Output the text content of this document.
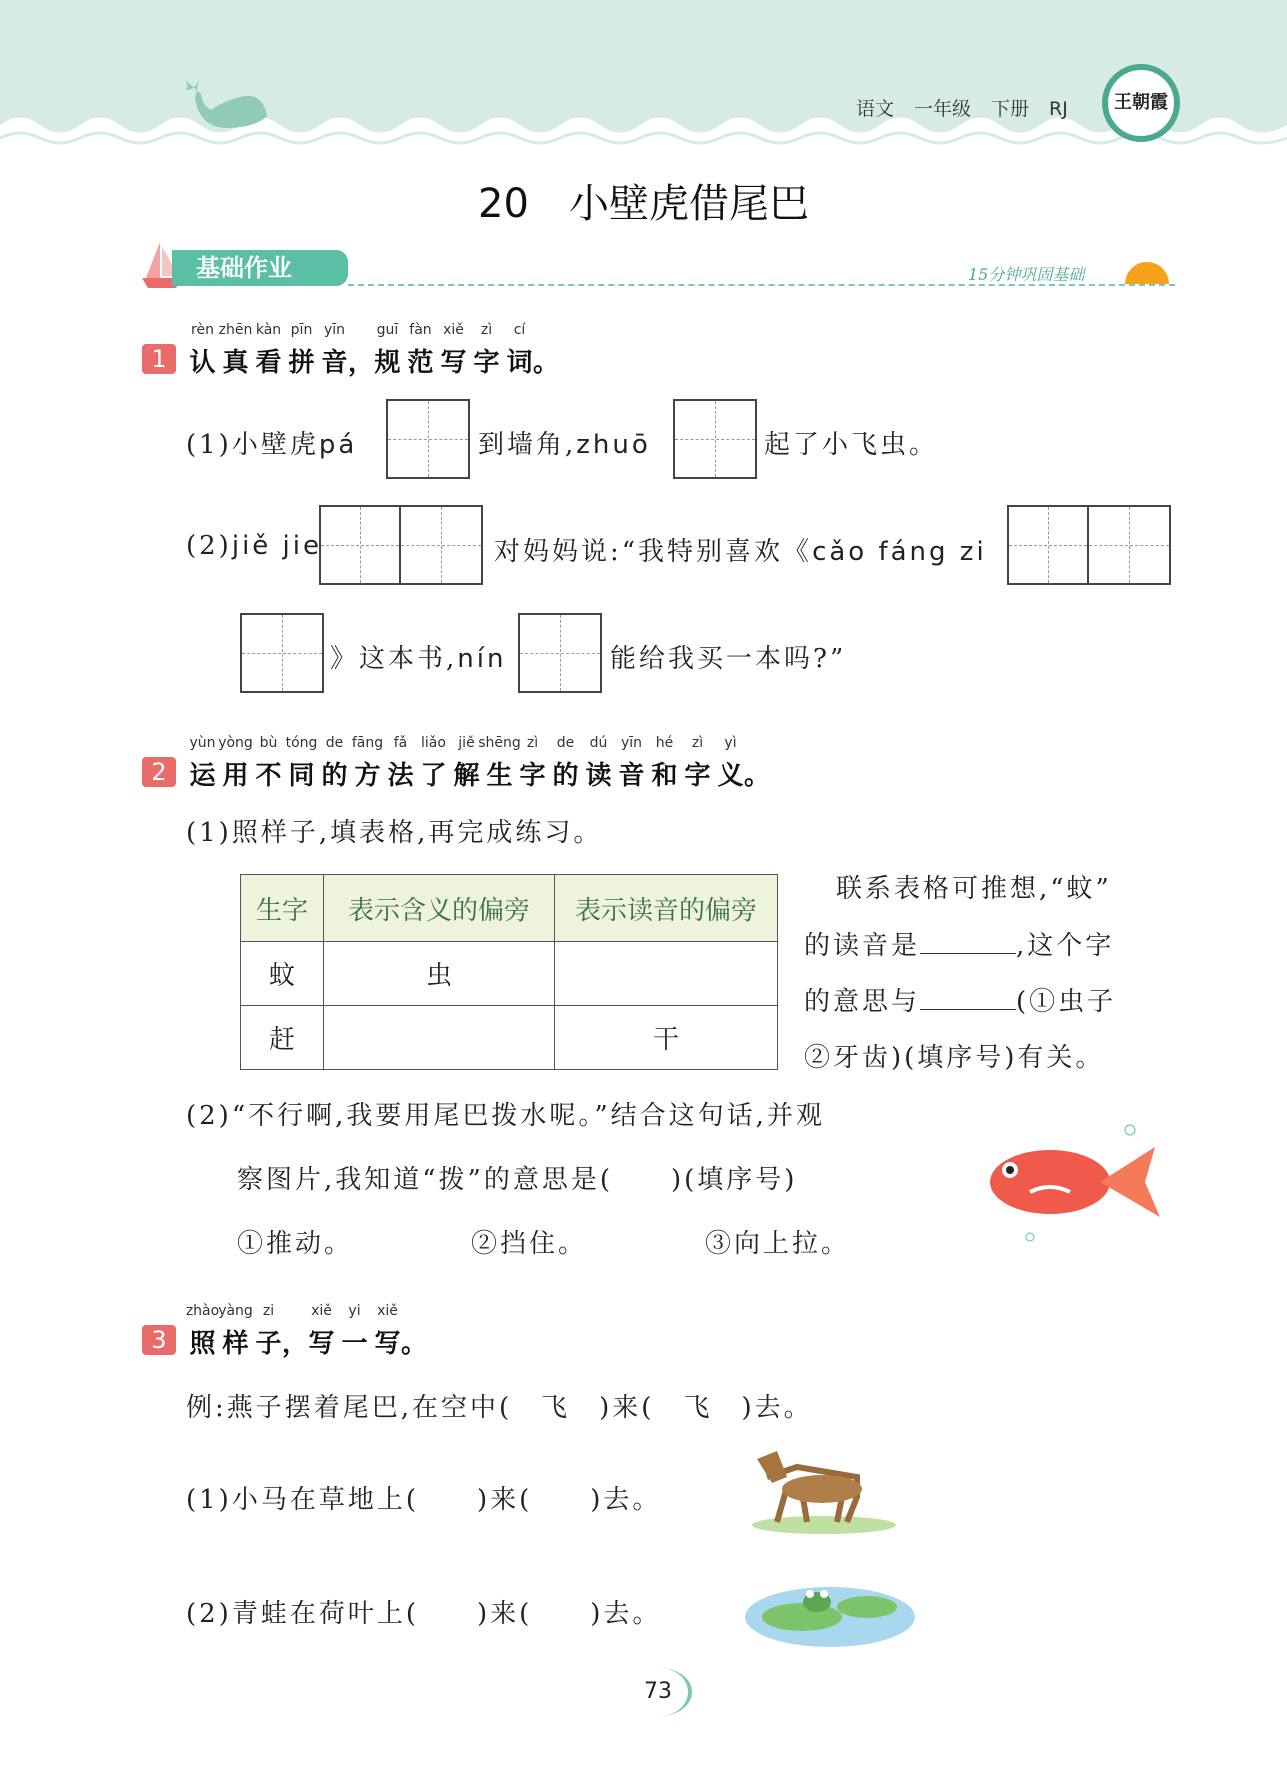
语文 一年级 下册 RJ	王朝霞
20　小壁虎借尾巴
基础作业	15分钟巩固基础
1
rèn
认
zhēn
真
kàn
看
pīn
拼
yīn
音 ，
guī
规
fàn
范
xiě
写
zì
字
cí
词 。
(1)小壁虎pá	到墙角,zhuō	起了小飞虫。
(2)jiě jie	对妈妈说:“我特别喜欢《cǎo fáng zi
》这本书,nín	能给我买一本吗?”
2
yùn
运
yòng
用
bù
不
tóng
同
de
的
fāng
方
fǎ
法
liǎo
了
jiě
解
shēng
生
zì
字
de
的
dú
读
yīn
音
hé
和
zì
字
yì
义 。
(1)照样子,填表格,再完成练习。
生字	表示含义的偏旁	表示读音的偏旁
蚊	虫	
赶		干
联系表格可推想,“蚊”
的读音是	,这个字
的意思与	(①虫子
②牙齿)(填序号)有关。
(2)“不行啊,我要用尾巴拨水呢。”结合这句话,并观
察图片,我知道“拨”的意思是(　　)(填序号)
①推动。	②挡住。	③向上拉。
3
zhào
照
yàng
样
zi
子 ，
xiě
写
yi
一
xiě
写 。
例:燕子摆着尾巴,在空中(　飞　)来(　飞　)去。
(1)小马在草地上(　　)来(　　)去。
(2)青蛙在荷叶上(　　)来(　　)去。
73
